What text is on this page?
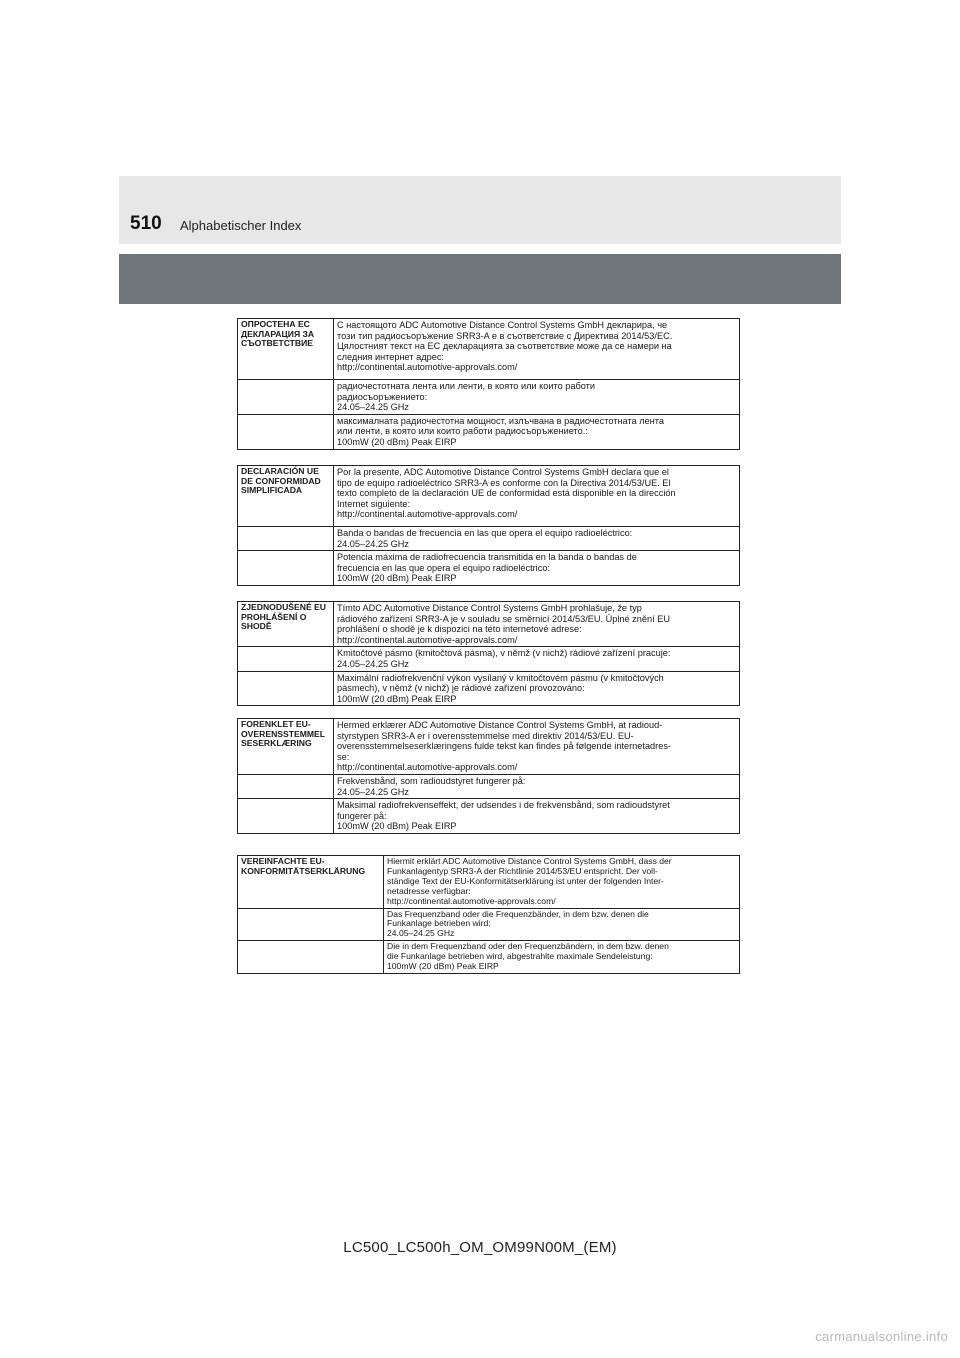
510 Alphabetischer Index
ОПРОСТЕНА ЕС ДЕКЛАРАЦИЯ ЗА СЪОТВЕТСТВИЕ	С настоящото ADC Automotive Distance Control Systems GmbH декларира, че
този тип радиосъоръжение SRR3-A е в съответствие с Директива 2014/53/ЕС.
Цялостният текст на ЕС декларацията за съответствие може да се намери на
следния интернет адрес:
http://continental.automotive-approvals.com/
	радиочестотната лента или ленти, в която или които работи
радиосъоръжението:
24.05–24.25 GHz
	максималната радиочестотна мощност, излъчвана в радиочестотната лента
или ленти, в която или които работи радиосъоръжението.:
100mW (20 dBm) Peak EIRP
DECLARACIÓN UE DE CONFORMIDAD SIMPLIFICADA	Por la presente, ADC Automotive Distance Control Systems GmbH declara que el
tipo de equipo radioeléctrico SRR3-A es conforme con la Directiva 2014/53/UE. El
texto completo de la declaración UE de conformidad está disponible en la dirección
Internet siguiente:
http://continental.automotive-approvals.com/
	Banda o bandas de frecuencia en las que opera el equipo radioeléctrico:
24.05–24.25 GHz
	Potencia máxima de radiofrecuencia transmitida en la banda o bandas de
frecuencia en las que opera el equipo radioeléctrico:
100mW (20 dBm) Peak EIRP
ZJEDNODUŠENÉ EU PROHLÁŠENÍ O SHODĚ	Tímto ADC Automotive Distance Control Systems GmbH prohlašuje, že typ
rádiového zařízení SRR3-A je v souladu se směrnicí 2014/53/EU. Úplné znění EU
prohlášení o shodě je k dispozici na této internetové adrese:
http://continental.automotive-approvals.com/
	Kmitočtové pásmo (kmitočtová pásma), v němž (v nichž) rádiové zařízení pracuje:
24.05–24.25 GHz
	Maximální radiofrekvenční výkon vysílaný v kmitočtovém pásmu (v kmitočtových
pásmech), v němž (v nichž) je rádiové zařízení provozováno:
100mW (20 dBm) Peak EIRP
FORENKLET EU-OVERENSSTEMMELSESERKLÆRING	Hermed erklærer ADC Automotive Distance Control Systems GmbH, at radioud-
styrstypen SRR3-A er i overensstemmelse med direktiv 2014/53/EU. EU-
overensstemmelseserklæringens fulde tekst kan findes på følgende internetadres-
se:
http://continental.automotive-approvals.com/
	Frekvensbånd, som radioudstyret fungerer på:
24.05–24.25 GHz
	Maksimal radiofrekvenseffekt, der udsendes i de frekvensbånd, som radioudstyret
fungerer på:
100mW (20 dBm) Peak EIRP
VEREINFACHTE EU-KONFORMITÄTSERKLÄRUNG	Hiermit erklärt ADC Automotive Distance Control Systems GmbH, dass der
Funkanlagentyp SRR3-A der Richtlinie 2014/53/EU entspricht. Der voll-
ständige Text der EU-Konformitätserklärung ist unter der folgenden Inter-
netadresse verfügbar:
http://continental.automotive-approvals.com/
	Das Frequenzband oder die Frequenzbänder, in dem bzw. denen die
Funkanlage betrieben wird:
24.05–24.25 GHz
	Die in dem Frequenzband oder den Frequenzbändern, in dem bzw. denen
die Funkanlage betrieben wird, abgestrahlte maximale Sendeleistung:
100mW (20 dBm) Peak EIRP
LC500_LC500h_OM_OM99N00M_(EM)
carmanualsonline.info
